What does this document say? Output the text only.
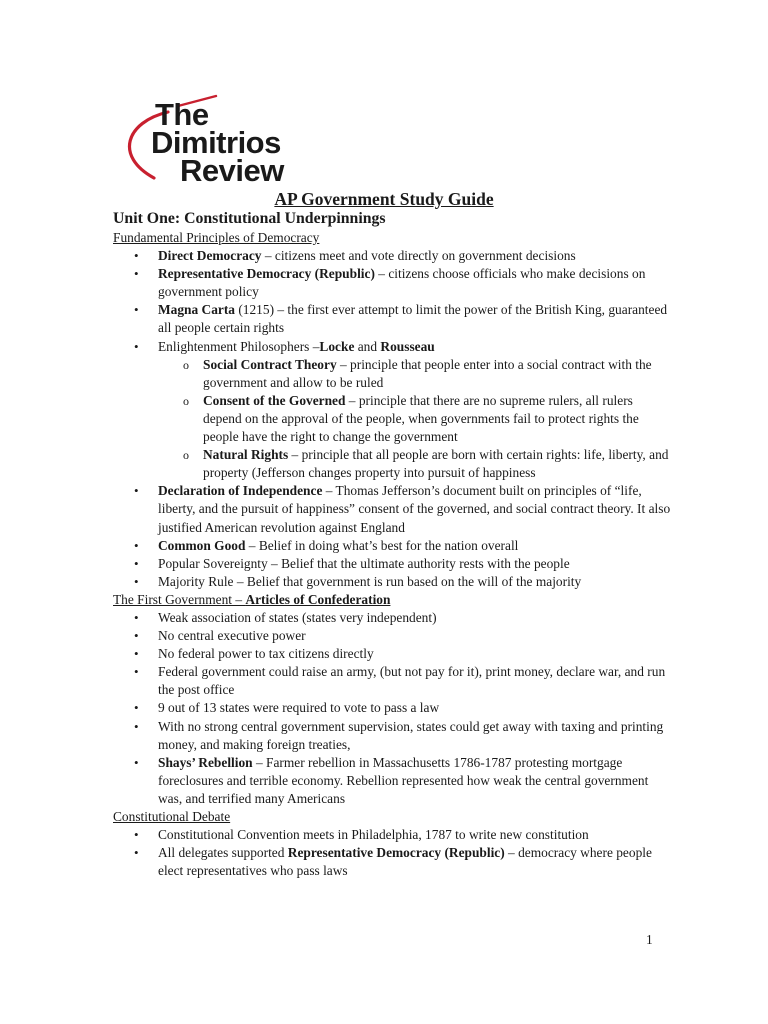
The
Dimitrios
Review
AP Government Study Guide
Unit One: Constitutional Underpinnings

Fundamental Principles of Democracy

• Direct Democracy – citizens meet and vote directly on government decisions
• Representative Democracy (Republic) – citizens choose officials who make decisions on government policy
• Magna Carta (1215) – the first ever attempt to limit the power of the British King, guaranteed all people certain rights
• Enlightenment Philosophers –Locke and Rousseau
o Social Contract Theory – principle that people enter into a social contract with the government and allow to be ruled
o Consent of the Governed – principle that there are no supreme rulers, all rulers depend on the approval of the people, when governments fail to protect rights the people have the right to change the government
o Natural Rights – principle that all people are born with certain rights: life, liberty, and property (Jefferson changes property into pursuit of happiness
• Declaration of Independence – Thomas Jefferson’s document built on principles of “life, liberty, and the pursuit of happiness” consent of the governed, and social contract theory. It also justified American revolution against England
• Common Good – Belief in doing what’s best for the nation overall
• Popular Sovereignty – Belief that the ultimate authority rests with the people
• Majority Rule – Belief that government is run based on the will of the majority

The First Government – Articles of Confederation

• Weak association of states (states very independent)
• No central executive power
• No federal power to tax citizens directly
• Federal government could raise an army, (but not pay for it), print money, declare war, and run the post office
• 9 out of 13 states were required to vote to pass a law
• With no strong central government supervision, states could get away with taxing and printing money, and making foreign treaties,
• Shays’ Rebellion – Farmer rebellion in Massachusetts 1786-1787 protesting mortgage foreclosures and terrible economy. Rebellion represented how weak the central government was, and terrified many Americans

Constitutional Debate

• Constitutional Convention meets in Philadelphia, 1787 to write new constitution
• All delegates supported Representative Democracy (Republic) – democracy where people elect representatives who pass laws
1
